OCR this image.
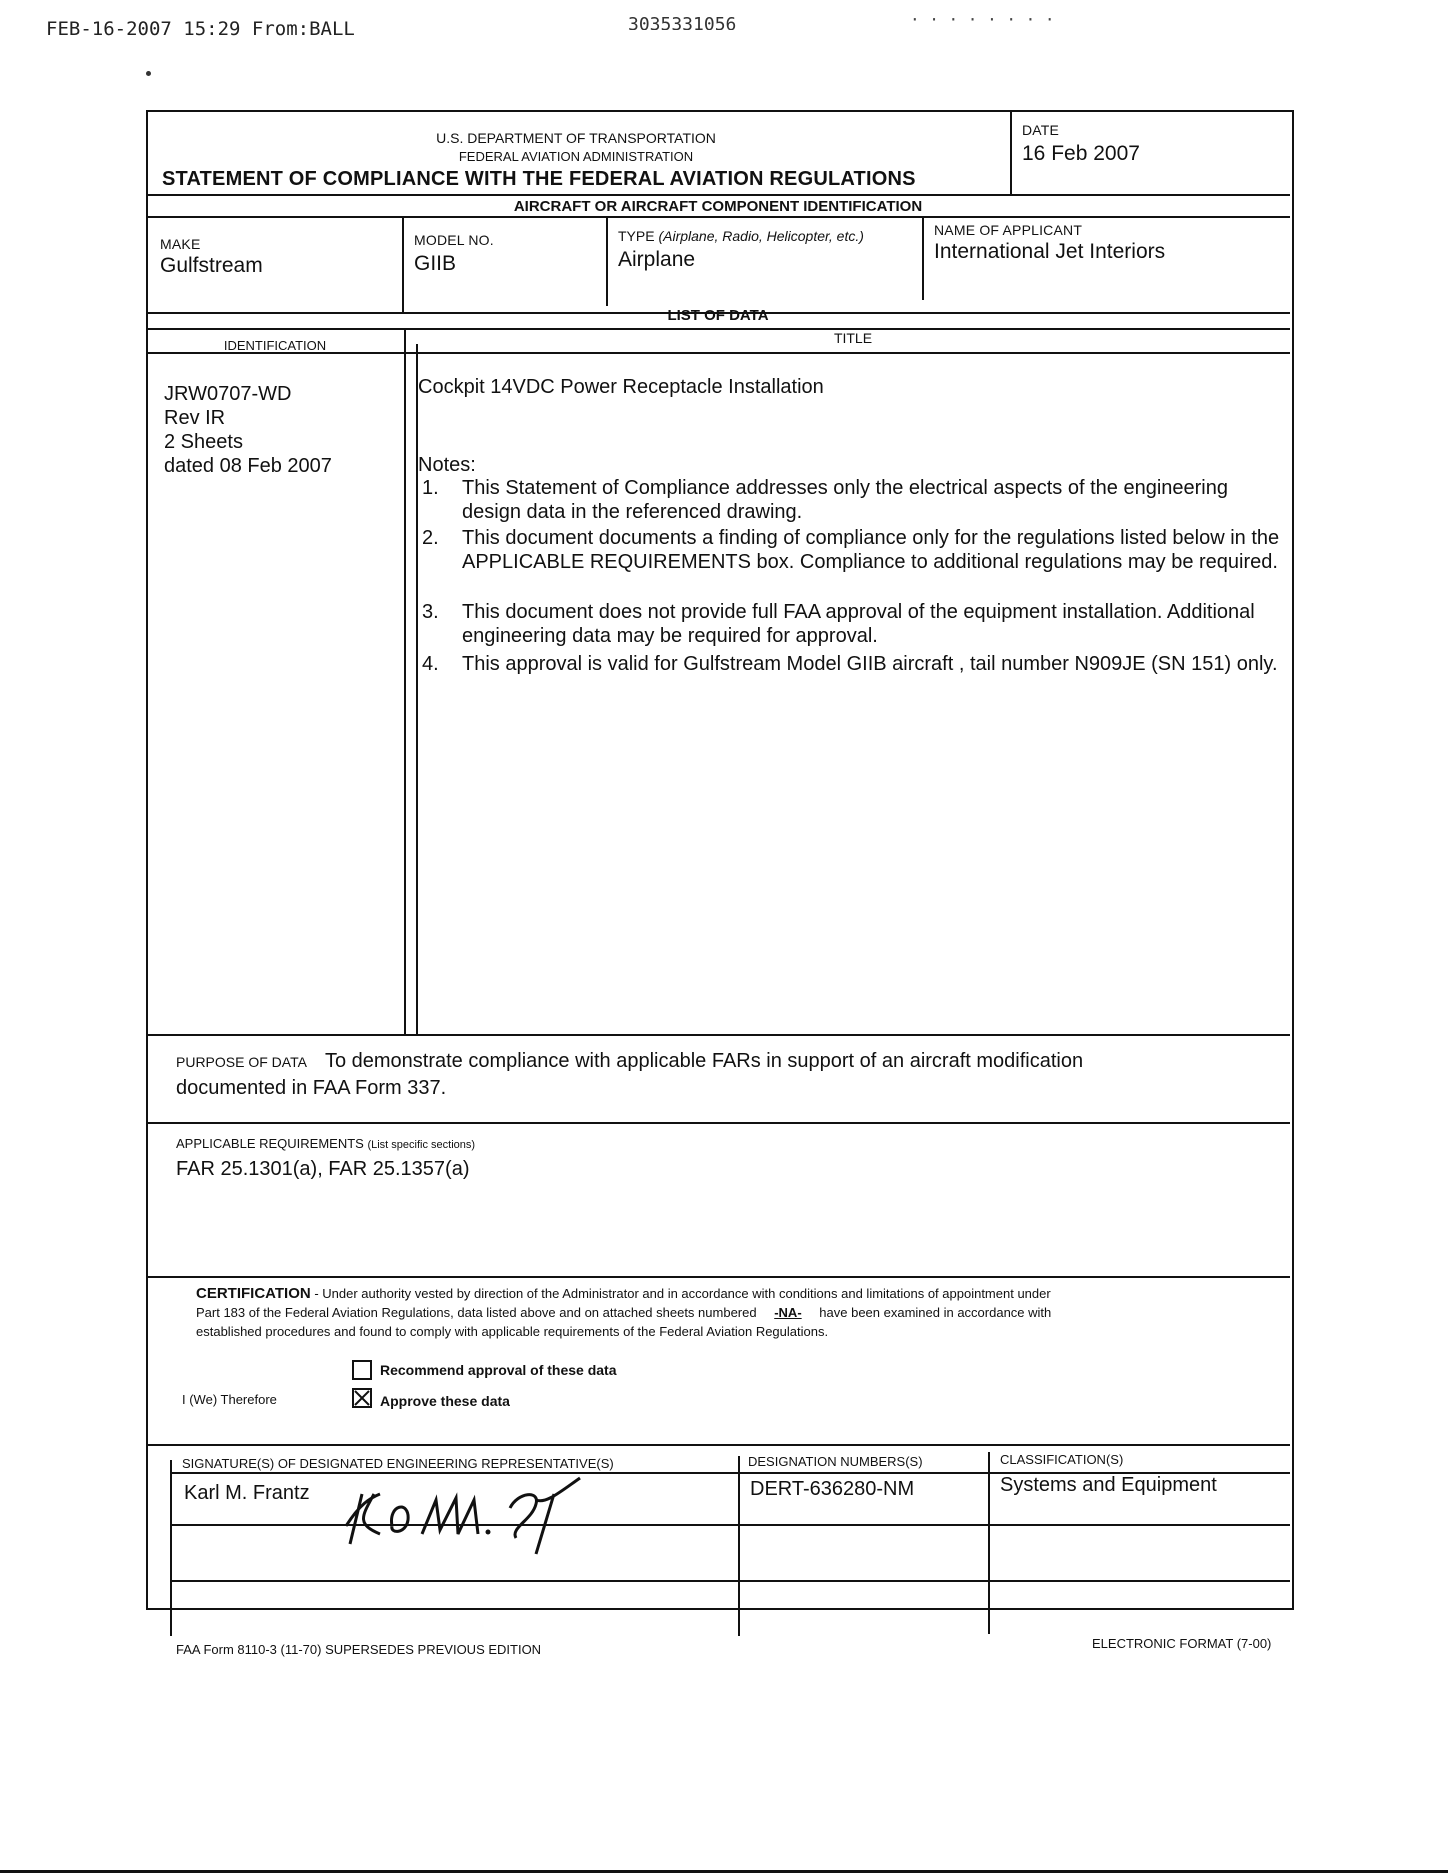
FEB-16-2007 15:29 From:BALL	3035331056	· · · · · · · ·
U.S. DEPARTMENT OF TRANSPORTATION
FEDERAL AVIATION ADMINISTRATION
STATEMENT OF COMPLIANCE WITH THE FEDERAL AVIATION REGULATIONS
DATE
16 Feb 2007
AIRCRAFT OR AIRCRAFT COMPONENT IDENTIFICATION
MAKE
Gulfstream
MODEL NO.
GIIB
TYPE (Airplane, Radio, Helicopter, etc.)
Airplane
NAME OF APPLICANT
International Jet Interiors
LIST OF DATA
IDENTIFICATION	TITLE
JRW0707-WD
Rev IR
2 Sheets
dated 08 Feb 2007
Cockpit 14VDC Power Receptacle Installation
Notes:
1. This Statement of Compliance addresses only the electrical aspects of the engineering design data in the referenced drawing.
2. This document documents a finding of compliance only for the regulations listed below in the APPLICABLE REQUIREMENTS box. Compliance to additional regulations may be required.
3. This document does not provide full FAA approval of the equipment installation. Additional engineering data may be required for approval.
4. This approval is valid for Gulfstream Model GIIB aircraft , tail number N909JE (SN 151) only.
PURPOSE OF DATA To demonstrate compliance with applicable FARs in support of an aircraft modification
documented in FAA Form 337.
APPLICABLE REQUIREMENTS (List specific sections)
FAR 25.1301(a), FAR 25.1357(a)
CERTIFICATION - Under authority vested by direction of the Administrator and in accordance with conditions and limitations of appointment under
Part 183 of the Federal Aviation Regulations, data listed above and on attached sheets numbered -NA- have been examined in accordance with
established procedures and found to comply with applicable requirements of the Federal Aviation Regulations.
I (We) Therefore
Recommend approval of these data
Approve these data
SIGNATURE(S) OF DESIGNATED ENGINEERING REPRESENTATIVE(S)	DESIGNATION NUMBERS(S)	CLASSIFICATION(S)
Karl M. Frantz	DERT-636280-NM	Systems and Equipment
FAA Form 8110-3 (11-70) SUPERSEDES PREVIOUS EDITION	ELECTRONIC FORMAT (7-00)
